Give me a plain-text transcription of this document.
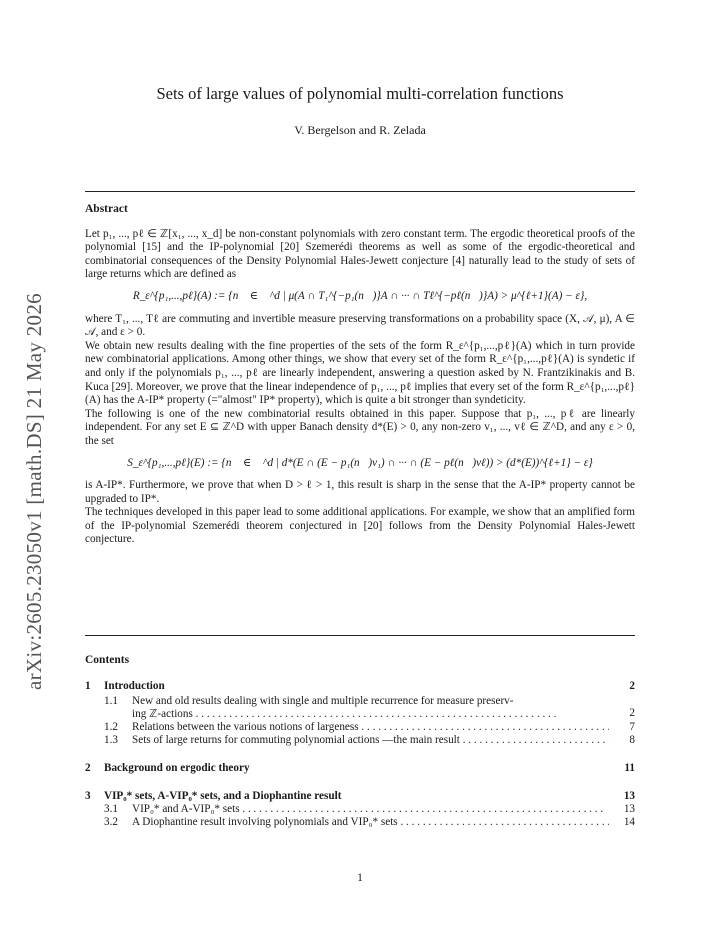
arXiv:2605.23050v1 [math.DS] 21 May 2026
Sets of large values of polynomial multi-correlation functions
V. Bergelson and R. Zelada
Abstract

Let p₁, ..., pℓ ∈ ℤ[x₁, ..., x_d] be non-constant polynomials with zero constant term. The ergodic theoretical proofs of the polynomial [15] and the IP-polynomial [20] Szemerédi theorems as well as some of the ergodic-theoretical and combinatorial consequences of the Density Polynomial Hales-Jewett conjecture [4] naturally lead to the study of sets of large returns which are defined as

R_ε^{p₁,...,pℓ}(A) := {n⃗ ∈ ℤ^d | μ(A ∩ T₁^{−p₁(n⃗)}A ∩ ··· ∩ Tℓ^{−pℓ(n⃗)}A) > μ^{ℓ+1}(A) − ε},

where T₁, ..., Tℓ are commuting and invertible measure preserving transformations on a probability space (X, 𝒜, μ), A ∈ 𝒜, and ε > 0.

We obtain new results dealing with the fine properties of the sets of the form R_ε^{p₁,...,pℓ}(A) which in turn provide new combinatorial applications. Among other things, we show that every set of the form R_ε^{p₁,...,pℓ}(A) is syndetic if and only if the polynomials p₁, ..., pℓ are linearly independent, answering a question asked by N. Frantzikinakis and B. Kuca [29]. Moreover, we prove that the linear independence of p₁, ..., pℓ implies that every set of the form R_ε^{p₁,...,pℓ}(A) has the A-IP* property (="almost" IP* property), which is quite a bit stronger than syndeticity.

The following is one of the new combinatorial results obtained in this paper. Suppose that p₁, ..., pℓ are linearly independent. For any set E ⊆ ℤ^D with upper Banach density d*(E) > 0, any non-zero v₁, ..., vℓ ∈ ℤ^D, and any ε > 0, the set

S_ε^{p₁,...,pℓ}(E) := {n⃗ ∈ ℤ^d | d*(E ∩ (E − p₁(n⃗)v₁) ∩ ··· ∩ (E − pℓ(n⃗)vℓ)) > (d*(E))^{ℓ+1} − ε}

is A-IP*. Furthermore, we prove that when D > ℓ > 1, this result is sharp in the sense that the A-IP* property cannot be upgraded to IP*.

The techniques developed in this paper lead to some additional applications. For example, we show that an amplified form of the IP-polynomial Szemerédi theorem conjectured in [20] follows from the Density Polynomial Hales-Jewett conjecture.

Contents
1	Introduction	2
1.1	New and old results dealing with single and multiple recurrence for measure preserv-
ing ℤ-actions . . .	2
1.2	Relations between the various notions of largeness . . .	7
1.3	Sets of large returns for commuting polynomial actions —the main result . . .	8
2	Background on ergodic theory	11
3	VIP₀* sets, A-VIP₀* sets, and a Diophantine result	13
3.1	VIP₀* and A-VIP₀* sets . . .	13
3.2	A Diophantine result involving polynomials and VIP₀* sets . . .	14
1
